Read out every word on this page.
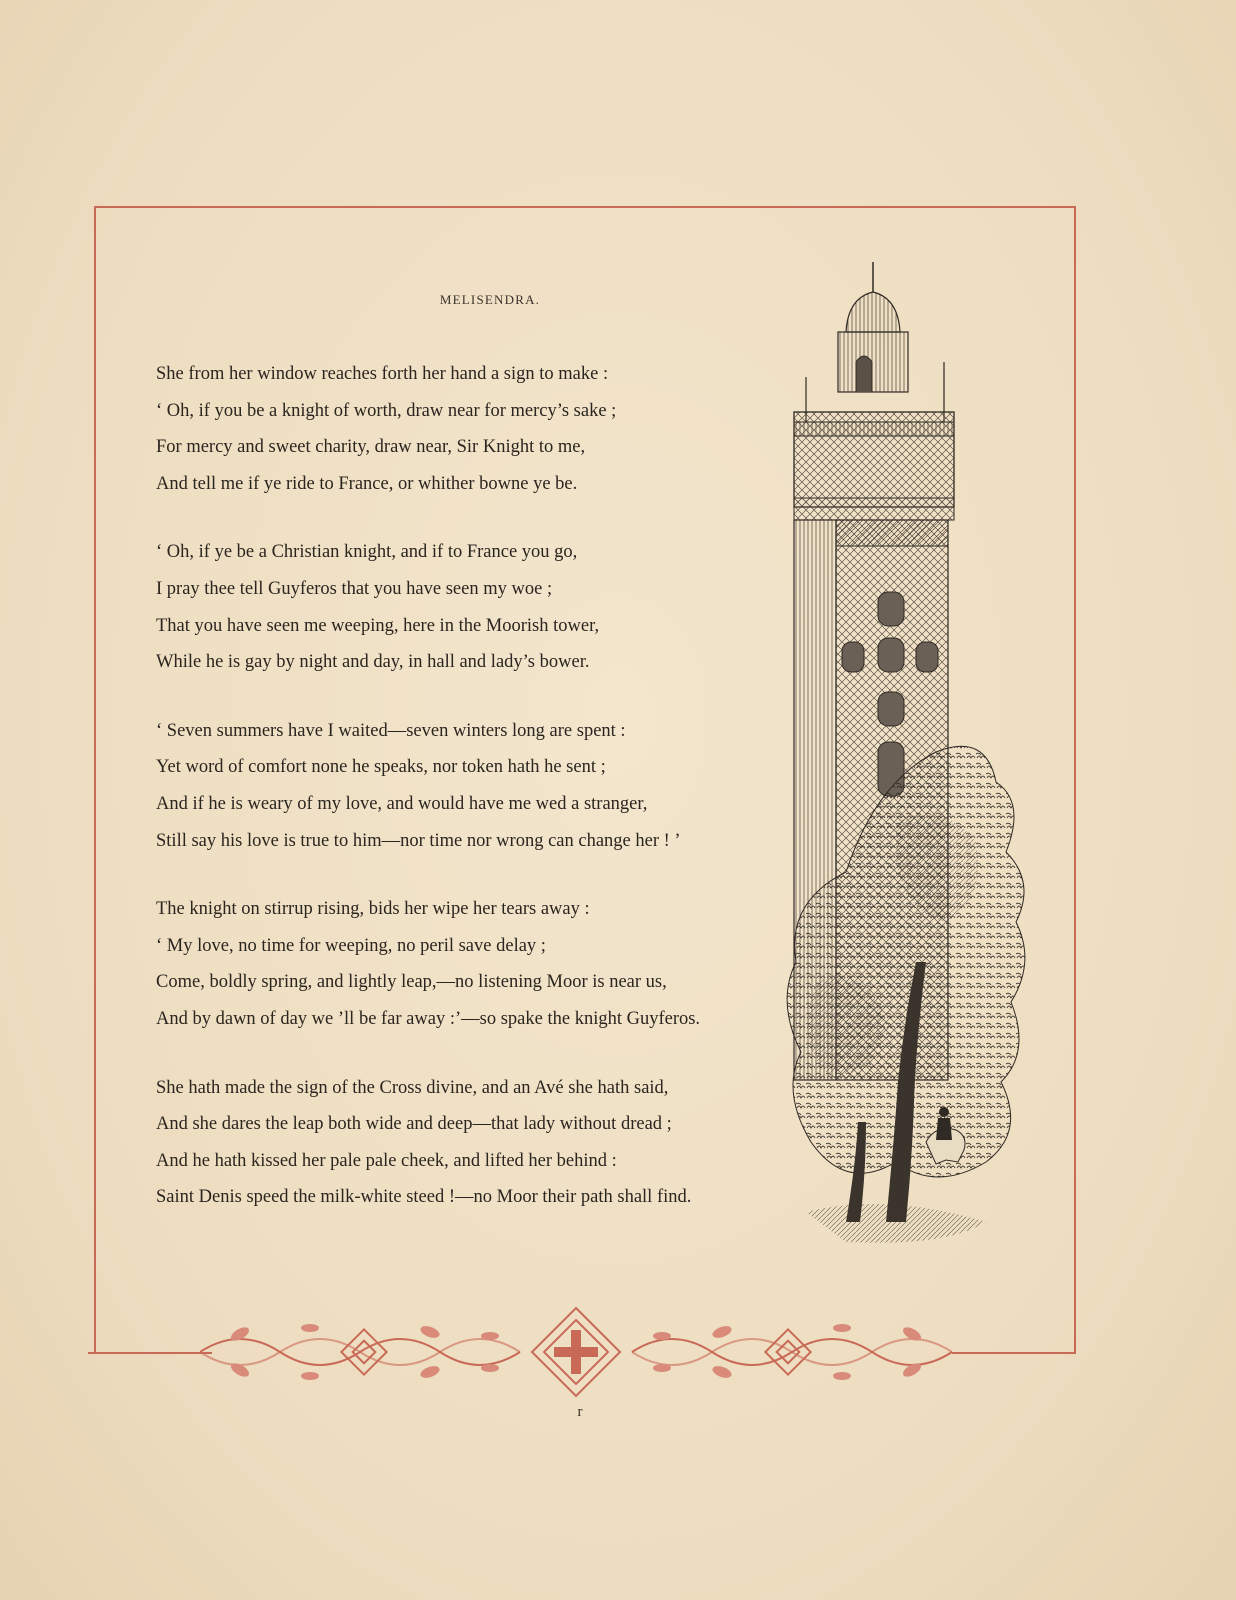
MELISENDRA.
She from her window reaches forth her hand a sign to make :
‘ Oh, if you be a knight of worth, draw near for mercy’s sake ;
For mercy and sweet charity, draw near, Sir Knight to me,
And tell me if ye ride to France, or whither bowne ye be.
‘ Oh, if ye be a Christian knight, and if to France you go,
I pray thee tell Guyferos that you have seen my woe ;
That you have seen me weeping, here in the Moorish tower,
While he is gay by night and day, in hall and lady’s bower.
‘ Seven summers have I waited—seven winters long are spent :
Yet word of comfort none he speaks, nor token hath he sent ;
And if he is weary of my love, and would have me wed a stranger,
Still say his love is true to him—nor time nor wrong can change her ! ’
The knight on stirrup rising, bids her wipe her tears away :
‘ My love, no time for weeping, no peril save delay ;
Come, boldly spring, and lightly leap,—no listening Moor is near us,
And by dawn of day we ’ll be far away :’—so spake the knight Guyferos.
She hath made the sign of the Cross divine, and an Avé she hath said,
And she dares the leap both wide and deep—that lady without dread ;
And he hath kissed her pale pale cheek, and lifted her behind :
Saint Denis speed the milk-white steed !—no Moor their path shall find.
r
